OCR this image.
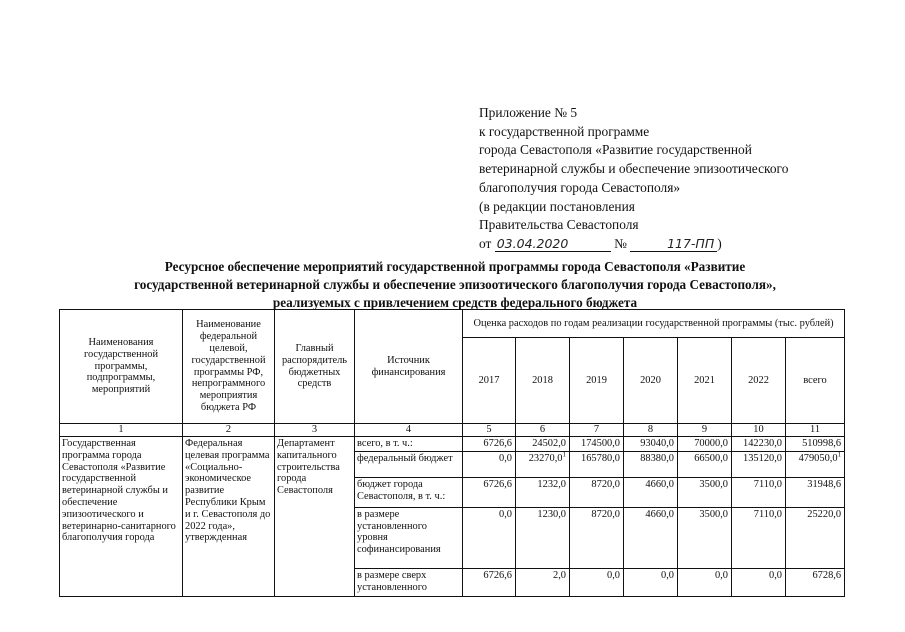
Приложение № 5
к государственной программе
города Севастополя «Развитие государственной
ветеринарной службы и обеспечение эпизоотического
благополучия города Севастополя»
(в редакции постановления
Правительства Севастополя
от 03.04.2020	№	117-ПП )
Ресурсное обеспечение мероприятий государственной программы города Севастополя «Развитие
государственной ветеринарной службы и обеспечение эпизоотического благополучия города Севастополя»,
реализуемых с привлечением средств федерального бюджета
Наименования государственной программы, подпрограммы, мероприятий	Наименование федеральной целевой, государственной программы РФ, непрограммного мероприятия бюджета РФ	Главный распорядитель бюджетных средств	Источник финансирования	Оценка расходов по годам реализации государственной программы (тыс. рублей)						
				2017	2018	2019	2020	2021	2022	всего
1	2	3	4	5	6	7	8	9	10	11
Государственная программа города Севастополя «Развитие государственной ветеринарной службы и обеспечение эпизоотического и ветеринарно-санитарного благополучия города	Федеральная целевая программа «Социально-экономическое развитие Республики Крым и г. Севастополя до 2022 года», утвержденная	Департамент капитального строительства города Севастополя	всего, в т. ч.:	6726,6	24502,0	174500,0	93040,0	70000,0	142230,0	510998,6
			федеральный бюджет	0,0	23270,0$^1$	165780,0	88380,0	66500,0	135120,0	479050,0$^1$
			бюджет города Севастополя, в т. ч.:	6726,6	1232,0	8720,0	4660,0	3500,0	7110,0	31948,6
			в размере установленного уровня софинансирования	0,0	1230,0	8720,0	4660,0	3500,0	7110,0	25220,0
			в размере сверх установленного	6726,6	2,0	0,0	0,0	0,0	0,0	6728,6
